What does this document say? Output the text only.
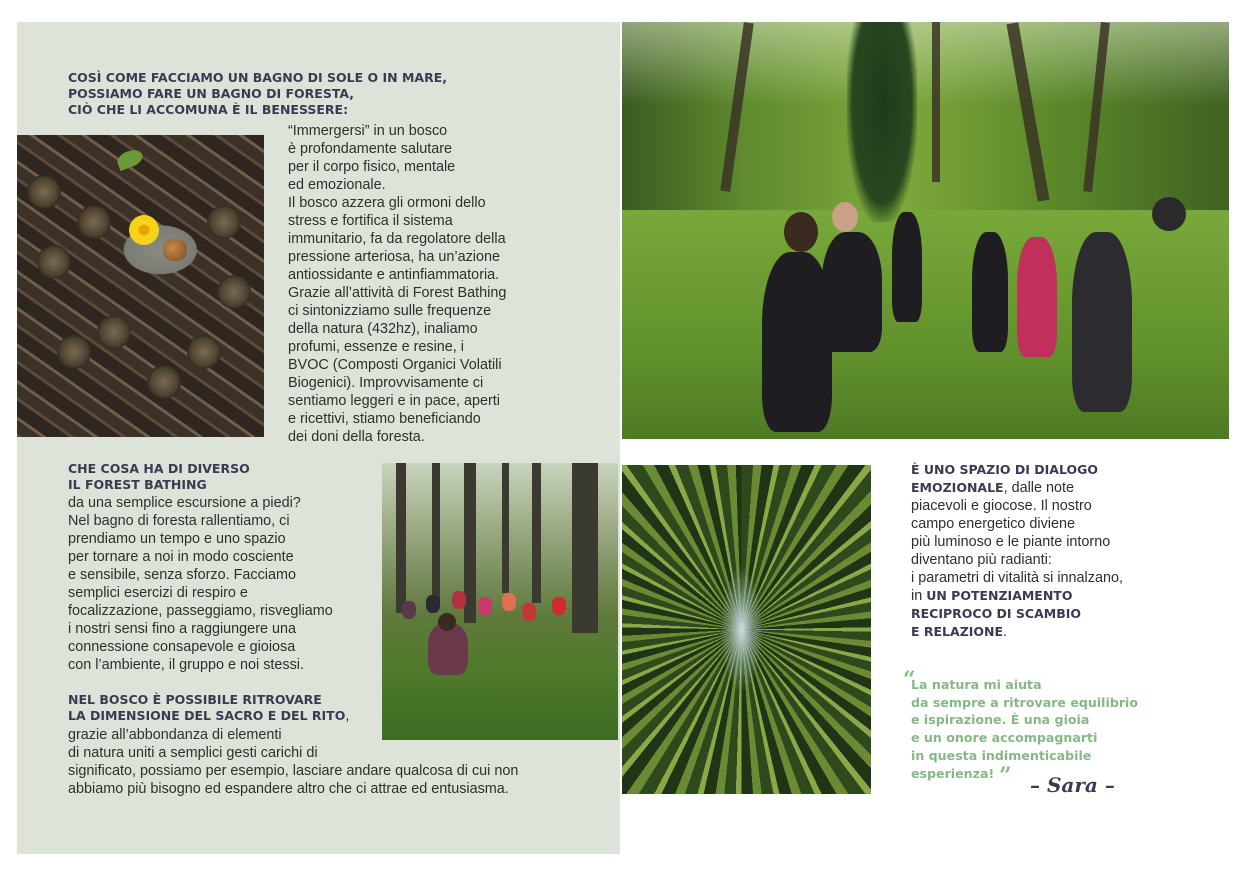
COSÌ COME FACCIAMO UN BAGNO DI SOLE O IN MARE,
POSSIAMO FARE UN BAGNO DI FORESTA,
CIÒ CHE LI ACCOMUNA È IL BENESSERE:
“Immergersi” in un bosco
è profondamente salutare
per il corpo fisico, mentale
ed emozionale.
Il bosco azzera gli ormoni dello
stress e fortifica il sistema
immunitario, fa da regolatore della
pressione arteriosa, ha un’azione
antiossidante e antinfiammatoria.
Grazie all’attività di Forest Bathing
ci sintonizziamo sulle frequenze
della natura (432hz), inaliamo
profumi, essenze e resine, i
BVOC (Composti Organici Volatili
Biogenici). Improvvisamente ci
sentiamo leggeri e in pace, aperti
e ricettivi, stiamo beneficiando
dei doni della foresta.
CHE COSA HA DI DIVERSO
IL FOREST BATHING
da una semplice escursione a piedi?
Nel bagno di foresta rallentiamo, ci
prendiamo un tempo e uno spazio
per tornare a noi in modo cosciente
e sensibile, senza sforzo. Facciamo
semplici esercizi di respiro e
focalizzazione, passeggiamo, risvegliamo
i nostri sensi fino a raggiungere una
connessione consapevole e gioiosa
con l’ambiente, il gruppo e noi stessi.
NEL BOSCO È POSSIBILE RITROVARE
LA DIMENSIONE DEL SACRO E DEL RITO,
grazie all’abbondanza di elementi
di natura uniti a semplici gesti carichi di
significato, possiamo per esempio, lasciare andare qualcosa di cui non
abbiamo più bisogno ed espandere altro che ci attrae ed entusiasma.
È UNO SPAZIO DI DIALOGO
EMOZIONALE, dalle note
piacevoli e giocose. Il nostro
campo energetico diviene
più luminoso e le piante intorno
diventano più radianti:
i parametri di vitalità si innalzano,
in UN POTENZIAMENTO
RECIPROCO DI SCAMBIO
E RELAZIONE.
“
La natura mi aiuta
da sempre a ritrovare equilibrio
e ispirazione. È una gioia
e un onore accompagnarti
in questa indimenticabile
esperienza! ” – Sara –
